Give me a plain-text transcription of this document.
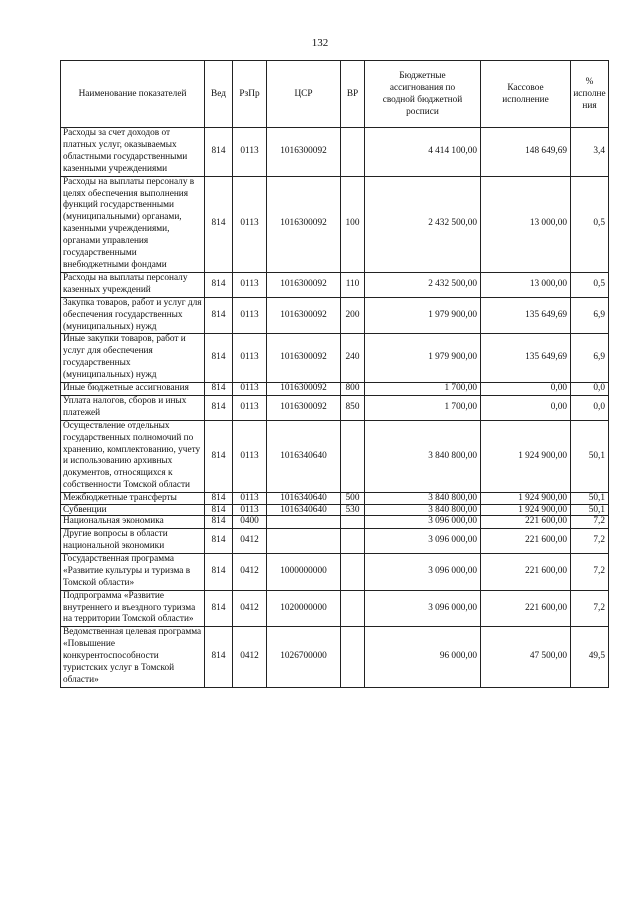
132
Наименование показателей	Вед	РзПр	ЦСР	ВР	Бюджетные ассигнования по сводной бюджетной росписи	Кассовое исполнение	% исполне ния
Расходы за счет доходов от платных услуг, оказываемых областными государственными казенными учреждениями	814	0113	1016300092		4 414 100,00	148 649,69	3,4
Расходы на выплаты персоналу в целях обеспечения выполнения функций государственными (муниципальными) органами, казенными учреждениями, органами управления государственными внебюджетными фондами	814	0113	1016300092	100	2 432 500,00	13 000,00	0,5
Расходы на выплаты персоналу казенных учреждений	814	0113	1016300092	110	2 432 500,00	13 000,00	0,5
Закупка товаров, работ и услуг для обеспечения государственных (муниципальных) нужд	814	0113	1016300092	200	1 979 900,00	135 649,69	6,9
Иные закупки товаров, работ и услуг для обеспечения государственных (муниципальных) нужд	814	0113	1016300092	240	1 979 900,00	135 649,69	6,9
Иные бюджетные ассигнования	814	0113	1016300092	800	1 700,00	0,00	0,0
Уплата налогов, сборов и иных платежей	814	0113	1016300092	850	1 700,00	0,00	0,0
Осуществление отдельных государственных полномочий по хранению, комплектованию, учету и использованию архивных документов, относящихся к собственности Томской области	814	0113	1016340640		3 840 800,00	1 924 900,00	50,1
Межбюджетные трансферты	814	0113	1016340640	500	3 840 800,00	1 924 900,00	50,1
Субвенции	814	0113	1016340640	530	3 840 800,00	1 924 900,00	50,1
Национальная экономика	814	0400			3 096 000,00	221 600,00	7,2
Другие вопросы в области национальной экономики	814	0412			3 096 000,00	221 600,00	7,2
Государственная программа «Развитие культуры и туризма в Томской области»	814	0412	1000000000		3 096 000,00	221 600,00	7,2
Подпрограмма «Развитие внутреннего и въездного туризма на территории Томской области»	814	0412	1020000000		3 096 000,00	221 600,00	7,2
Ведомственная целевая программа «Повышение конкурентоспособности туристских услуг в Томской области»	814	0412	1026700000		96 000,00	47 500,00	49,5
